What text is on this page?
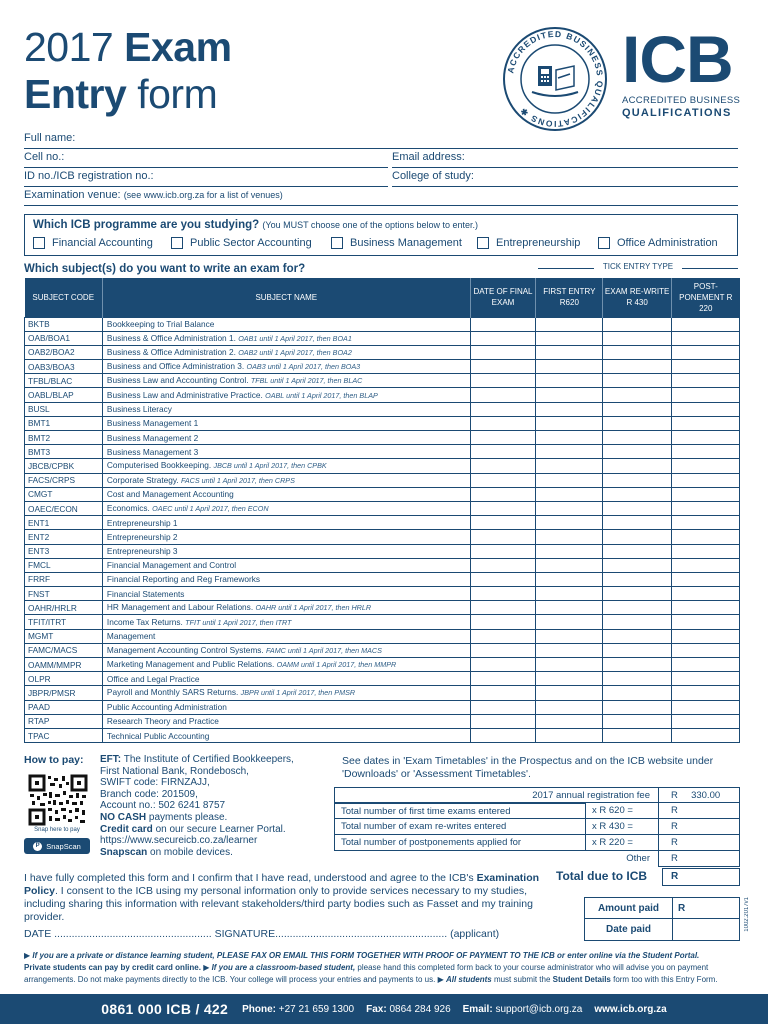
2017 Exam
Entry form
ACCREDITED BUSINESS QUALIFICATIONS ✱
ICB
ACCREDITED BUSINESS
QUALIFICATIONS
Full name:
Cell no.:	Email address:
ID no./ICB registration no.:	College of study:
Examination venue: (see www.icb.org.za for a list of venues)
Which ICB programme are you studying? (You MUST choose one of the options below to enter.)
Financial Accounting	Public Sector Accounting	Business Management	Entrepreneurship	Office Administration
Which subject(s) do you want to write an exam for?	TICK ENTRY TYPE
SUBJECT CODE	SUBJECT NAME	DATE OF FINAL EXAM	FIRST ENTRY R620	EXAM RE-WRITE R 430	POST-PONEMENT R 220
BKTB	Bookkeeping to Trial Balance				
OAB/BOA1	Business & Office Administration 1. OAB1 until 1 April 2017, then BOA1				
OAB2/BOA2	Business & Office Administration 2. OAB2 until 1 April 2017, then BOA2				
OAB3/BOA3	Business and Office Administration 3. OAB3 until 1 April 2017, then BOA3				
TFBL/BLAC	Business Law and Accounting Control. TFBL until 1 April 2017, then BLAC				
OABL/BLAP	Business Law and Administrative Practice. OABL until 1 April 2017, then BLAP				
BUSL	Business Literacy				
BMT1	Business Management 1				
BMT2	Business Management 2				
BMT3	Business Management 3				
JBCB/CPBK	Computerised Bookkeeping. JBCB until 1 April 2017, then CPBK				
FACS/CRPS	Corporate Strategy. FACS until 1 April 2017, then CRPS				
CMGT	Cost and Management Accounting				
OAEC/ECON	Economics. OAEC until 1 April 2017, then ECON				
ENT1	Entrepreneurship 1				
ENT2	Entrepreneurship 2				
ENT3	Entrepreneurship 3				
FMCL	Financial Management and Control				
FRRF	Financial Reporting and Reg Frameworks				
FNST	Financial Statements				
OAHR/HRLR	HR Management and Labour Relations. OAHR until 1 April 2017, then HRLR				
TFIT/ITRT	Income Tax Returns. TFIT until 1 April 2017, then ITRT				
MGMT	Management				
FAMC/MACS	Management Accounting Control Systems. FAMC until 1 April 2017, then MACS				
OAMM/MMPR	Marketing Management and Public Relations. OAMM until 1 April 2017, then MMPR				
OLPR	Office and Legal Practice				
JBPR/PMSR	Payroll and Monthly SARS Returns. JBPR until 1 April 2017, then PMSR				
PAAD	Public Accounting Administration				
RTAP	Research Theory and Practice				
TPAC	Technical Public Accounting				
How to pay:
Snap here to pay
P SnapScan
EFT: The Institute of Certified Bookkeepers,
First National Bank, Rondebosch,
SWIFT code: FIRNZAJJ,
Branch code: 201509,
Account no.: 502 6241 8757
NO CASH payments please.
Credit card on our secure Learner Portal.
https://www.secureicb.co.za/learner
Snapscan on mobile devices.
See dates in 'Exam Timetables' in the Prospectus and on the ICB website under
'Downloads' or 'Assessment Timetables'.
2017 annual registration fee	R 330.00
Total number of first time exams entered	x R 620 =	R
Total number of exam re-writes entered	x R 430 =	R
Total number of postponements applied for	x R 220 =	R
Other	R
I have fully completed this form and I confirm that I have read, understood and agree to the ICB's Examination Policy. I consent to the ICB using my personal information only to provide services necessary to my studies, including sharing this information with relevant stakeholders/third party bodies such as Fasset and my training provider.
Total due to ICB	R
Amount paid	R
Date paid
DATE ...................................................... SIGNATURE........................................................... (applicant)
1002.2017v1
▶ If you are a private or distance learning student, PLEASE FAX OR EMAIL THIS FORM TOGETHER WITH PROOF OF PAYMENT TO THE ICB or enter online via the Student Portal.
Private students can pay by credit card online. ▶ If you are a classroom-based student, please hand this completed form back to your course administrator who will advise you on payment arrangements. Do not make payments directly to the ICB. Your college will process your entries and payments to us. ▶ All students must submit the Student Details form too with this Entry Form.
0861 000 ICB / 422 Phone: +27 21 659 1300 Fax: 0864 284 926 Email: support@icb.org.za www.icb.org.za
